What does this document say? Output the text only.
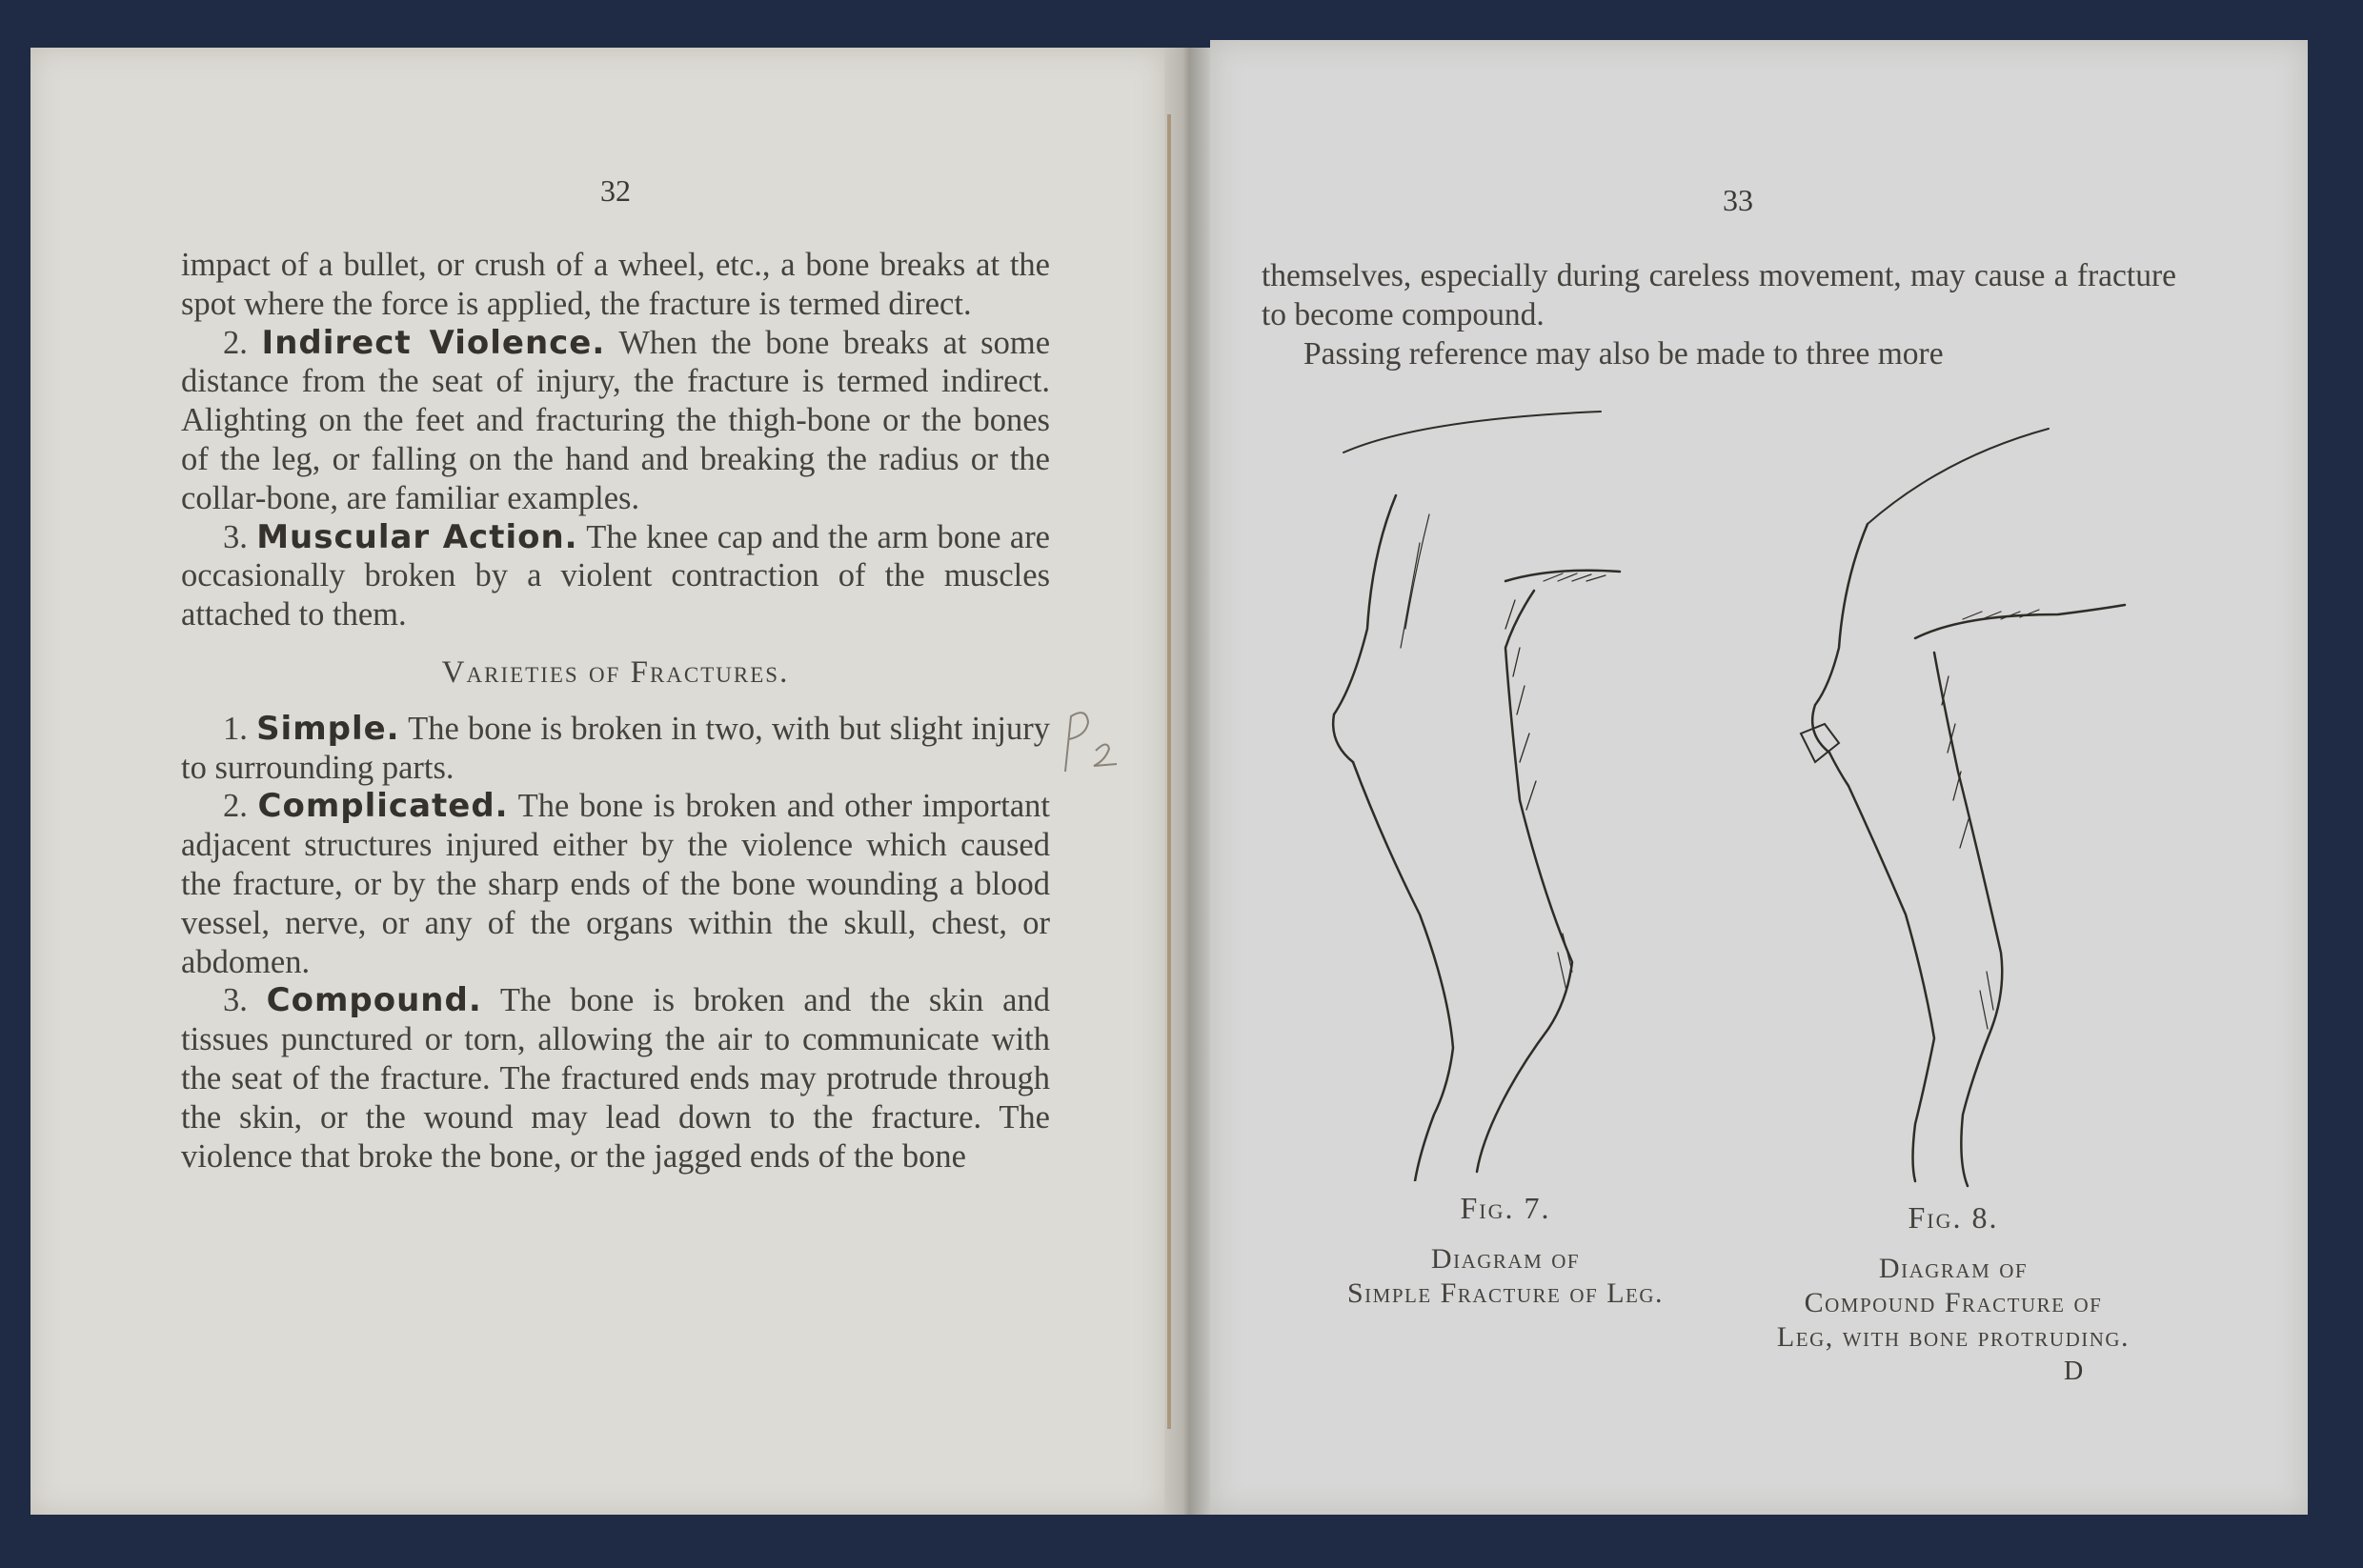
32

impact of a bullet, or crush of a wheel, etc., a bone breaks at the spot where the force is applied, the fracture is termed direct.

2. Indirect Violence. When the bone breaks at some distance from the seat of injury, the fracture is termed indirect. Alighting on the feet and fracturing the thigh-bone or the bones of the leg, or falling on the hand and breaking the radius or the collar-bone, are familiar examples.

3. Muscular Action. The knee cap and the arm bone are occasionally broken by a violent contraction of the muscles attached to them.

Varieties of Fractures.

1. Simple. The bone is broken in two, with but slight injury to surrounding parts.

2. Complicated. The bone is broken and other important adjacent structures injured either by the violence which caused the fracture, or by the sharp ends of the bone wounding a blood vessel, nerve, or any of the organs within the skull, chest, or abdomen.

3. Compound. The bone is broken and the skin and tissues punctured or torn, allowing the air to communicate with the seat of the fracture. The fractured ends may protrude through the skin, or the wound may lead down to the fracture. The violence that broke the bone, or the jagged ends of the bone

33

themselves, especially during careless movement, may cause a fracture to become compound.

Passing reference may also be made to three more

Fig. 7.
Diagram of
Simple Fracture of Leg.
Fig. 8.
Diagram of
Compound Fracture of
Leg, with bone protruding.
D
